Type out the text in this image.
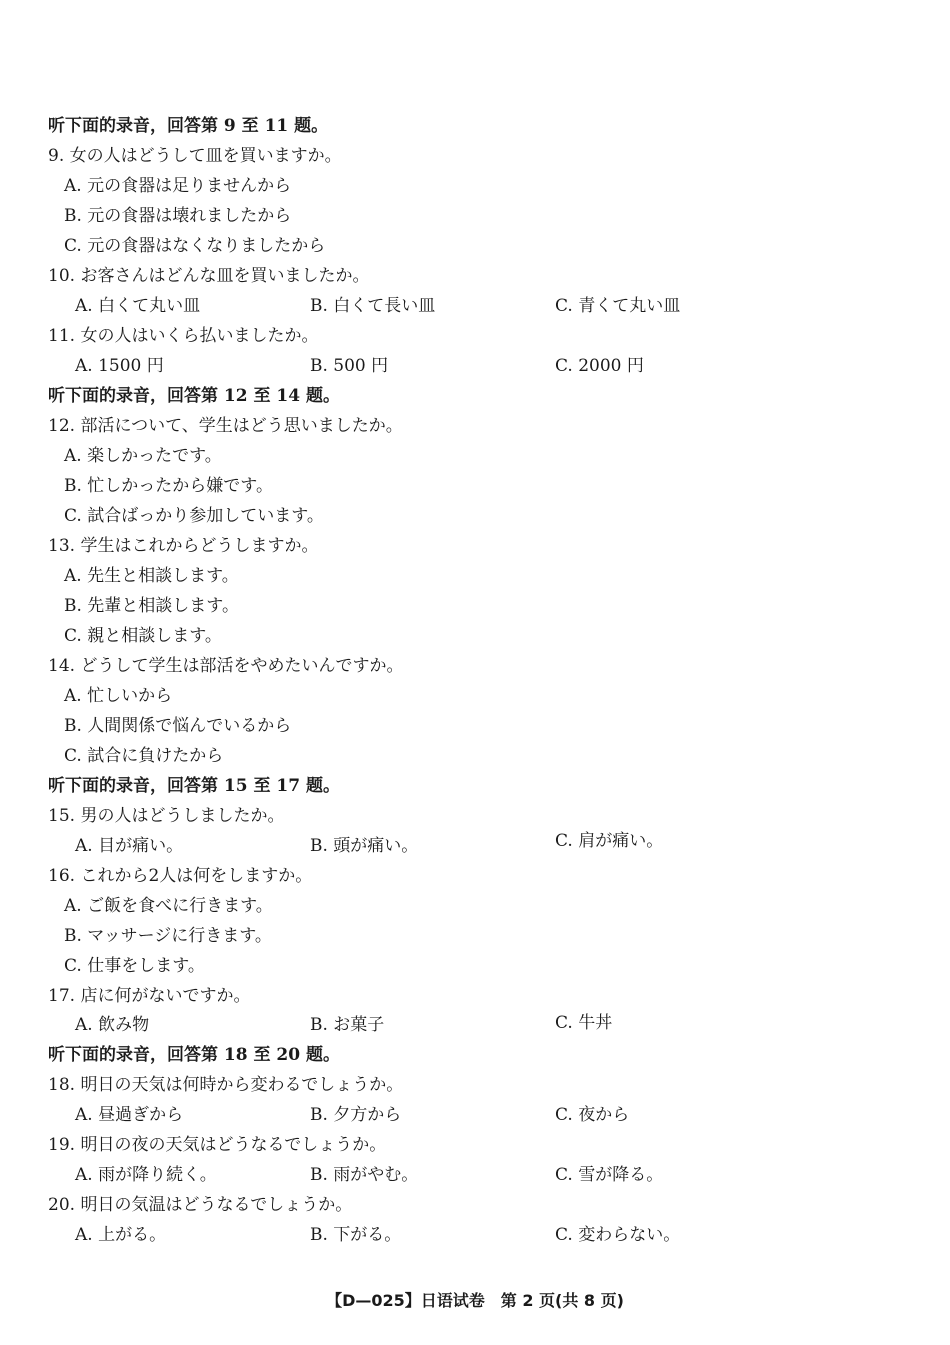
听下面的录音，回答第 9 至 11 题。
9. 女の人はどうして皿を買いますか。
A. 元の食器は足りませんから
B. 元の食器は壊れましたから
C. 元の食器はなくなりましたから
10. お客さんはどんな皿を買いましたか。
A. 白くて丸い皿	B. 白くて長い皿	C. 青くて丸い皿
11. 女の人はいくら払いましたか。
A. 1500 円	B. 500 円	C. 2000 円
听下面的录音，回答第 12 至 14 题。
12. 部活について、学生はどう思いましたか。
A. 楽しかったです。
B. 忙しかったから嫌です。
C. 試合ばっかり参加しています。
13. 学生はこれからどうしますか。
A. 先生と相談します。
B. 先輩と相談します。
C. 親と相談します。
14. どうして学生は部活をやめたいんですか。
A. 忙しいから
B. 人間関係で悩んでいるから
C. 試合に負けたから
听下面的录音，回答第 15 至 17 题。
15. 男の人はどうしましたか。
A. 目が痛い。	B. 頭が痛い。	C. 肩が痛い。
16. これから2人は何をしますか。
A. ご飯を食べに行きます。
B. マッサージに行きます。
C. 仕事をします。
17. 店に何がないですか。
A. 飲み物	B. お菓子	C. 牛丼
听下面的录音，回答第 18 至 20 题。
18. 明日の天気は何時から変わるでしょうか。
A. 昼過ぎから	B. 夕方から	C. 夜から
19. 明日の夜の天気はどうなるでしょうか。
A. 雨が降り続く。	B. 雨がやむ。	C. 雪が降る。
20. 明日の気温はどうなるでしょうか。
A. 上がる。	B. 下がる。	C. 変わらない。
【D—025】日语试卷　第 2 页(共 8 页)
